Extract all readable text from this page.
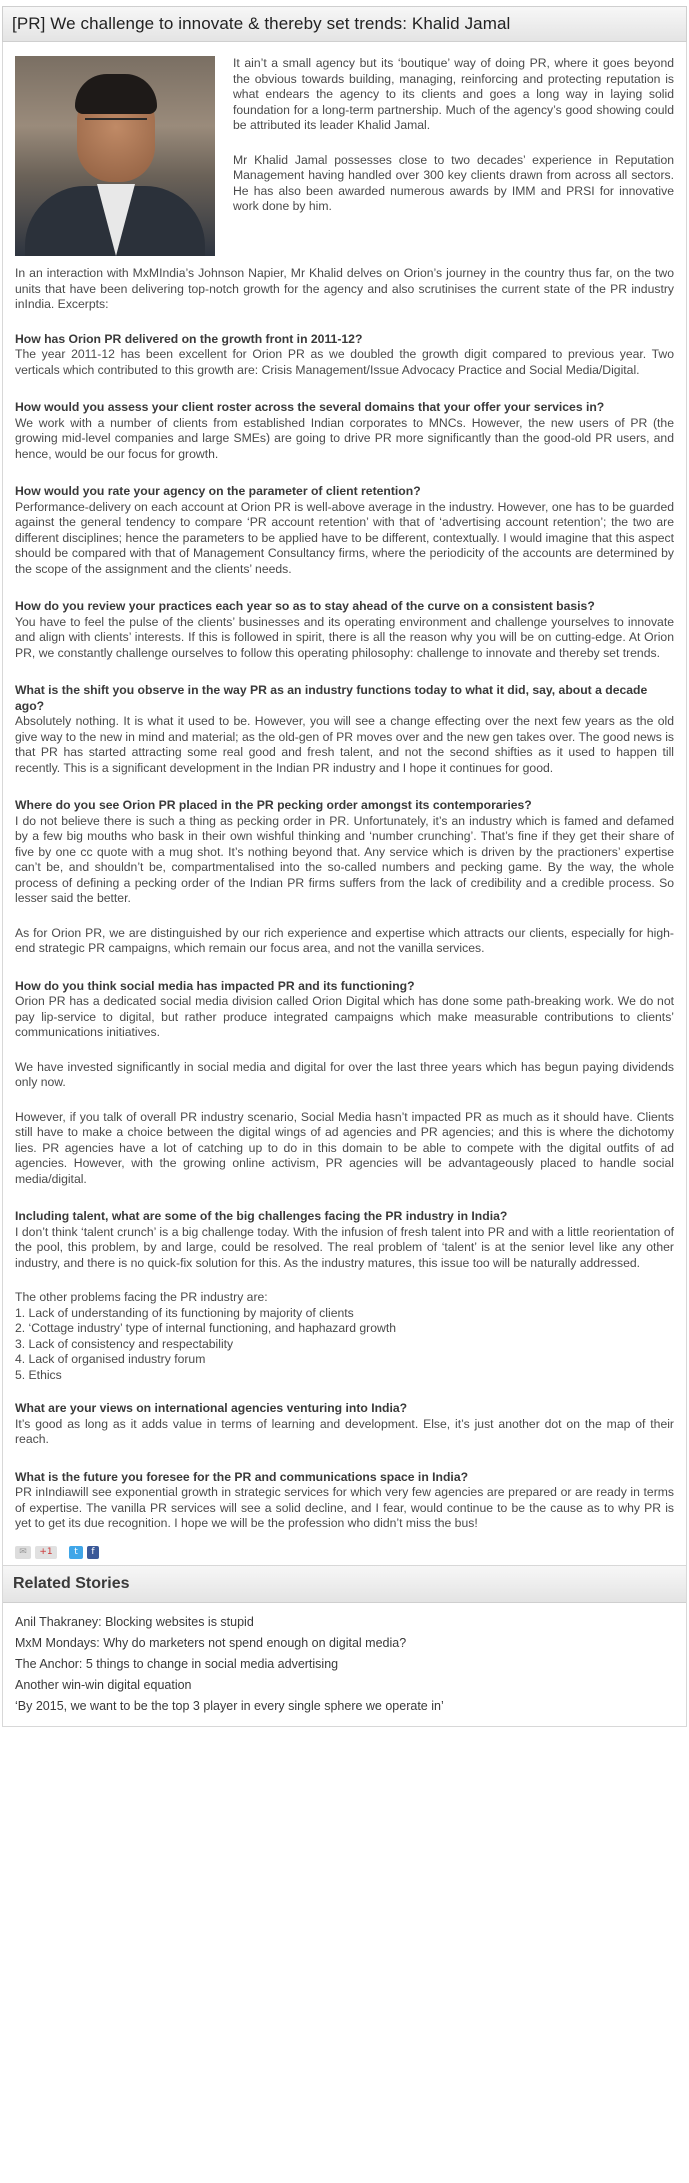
[PR] We challenge to innovate & thereby set trends: Khalid Jamal

It ain’t a small agency but its ‘boutique’ way of doing PR, where it goes beyond the obvious towards building, managing, reinforcing and protecting reputation is what endears the agency to its clients and goes a long way in laying solid foundation for a long-term partnership. Much of the agency’s good showing could be attributed its leader Khalid Jamal.

Mr Khalid Jamal possesses close to two decades’ experience in Reputation Management having handled over 300 key clients drawn from across all sectors. He has also been awarded numerous awards by IMM and PRSI for innovative work done by him.

In an interaction with MxMIndia’s Johnson Napier, Mr Khalid delves on Orion’s journey in the country thus far, on the two units that have been delivering top-notch growth for the agency and also scrutinises the current state of the PR industry inIndia. Excerpts:

How has Orion PR delivered on the growth front in 2011-12?

The year 2011-12 has been excellent for Orion PR as we doubled the growth digit compared to previous year. Two verticals which contributed to this growth are: Crisis Management/Issue Advocacy Practice and Social Media/Digital.

How would you assess your client roster across the several domains that your offer your services in?

We work with a number of clients from established Indian corporates to MNCs. However, the new users of PR (the growing mid-level companies and large SMEs) are going to drive PR more significantly than the good-old PR users, and hence, would be our focus for growth.

How would you rate your agency on the parameter of client retention?

Performance-delivery on each account at Orion PR is well-above average in the industry. However, one has to be guarded against the general tendency to compare ‘PR account retention’ with that of ‘advertising account retention’; the two are different disciplines; hence the parameters to be applied have to be different, contextually. I would imagine that this aspect should be compared with that of Management Consultancy firms, where the periodicity of the accounts are determined by the scope of the assignment and the clients’ needs.

How do you review your practices each year so as to stay ahead of the curve on a consistent basis?

You have to feel the pulse of the clients’ businesses and its operating environment and challenge yourselves to innovate and align with clients’ interests. If this is followed in spirit, there is all the reason why you will be on cutting-edge. At Orion PR, we constantly challenge ourselves to follow this operating philosophy: challenge to innovate and thereby set trends.

What is the shift you observe in the way PR as an industry functions today to what it did, say, about a decade ago?

Absolutely nothing. It is what it used to be. However, you will see a change effecting over the next few years as the old give way to the new in mind and material; as the old-gen of PR moves over and the new gen takes over. The good news is that PR has started attracting some real good and fresh talent, and not the second shifties as it used to happen till recently. This is a significant development in the Indian PR industry and I hope it continues for good.

Where do you see Orion PR placed in the PR pecking order amongst its contemporaries?

I do not believe there is such a thing as pecking order in PR. Unfortunately, it’s an industry which is famed and defamed by a few big mouths who bask in their own wishful thinking and ‘number crunching’. That’s fine if they get their share of five by one cc quote with a mug shot. It’s nothing beyond that. Any service which is driven by the practioners’ expertise can’t be, and shouldn’t be, compartmentalised into the so-called numbers and pecking game. By the way, the whole process of defining a pecking order of the Indian PR firms suffers from the lack of credibility and a credible process. So lesser said the better.

As for Orion PR, we are distinguished by our rich experience and expertise which attracts our clients, especially for high-end strategic PR campaigns, which remain our focus area, and not the vanilla services.

How do you think social media has impacted PR and its functioning?

Orion PR has a dedicated social media division called Orion Digital which has done some path-breaking work. We do not pay lip-service to digital, but rather produce integrated campaigns which make measurable contributions to clients’ communications initiatives.

We have invested significantly in social media and digital for over the last three years which has begun paying dividends only now.

However, if you talk of overall PR industry scenario, Social Media hasn’t impacted PR as much as it should have. Clients still have to make a choice between the digital wings of ad agencies and PR agencies; and this is where the dichotomy lies. PR agencies have a lot of catching up to do in this domain to be able to compete with the digital outfits of ad agencies. However, with the growing online activism, PR agencies will be advantageously placed to handle social media/digital.

Including talent, what are some of the big challenges facing the PR industry in India?

I don’t think ‘talent crunch’ is a big challenge today. With the infusion of fresh talent into PR and with a little reorientation of the pool, this problem, by and large, could be resolved. The real problem of ‘talent’ is at the senior level like any other industry, and there is no quick-fix solution for this. As the industry matures, this issue too will be naturally addressed.

The other problems facing the PR industry are:

1. Lack of understanding of its functioning by majority of clients
2. ‘Cottage industry’ type of internal functioning, and haphazard growth
3. Lack of consistency and respectability
4. Lack of organised industry forum
5. Ethics
What are your views on international agencies venturing into India?

It’s good as long as it adds value in terms of learning and development. Else, it’s just another dot on the map of their reach.

What is the future you foresee for the PR and communications space in India?

PR inIndiawill see exponential growth in strategic services for which very few agencies are prepared or are ready in terms of expertise. The vanilla PR services will see a solid decline, and I fear, would continue to be the cause as to why PR is yet to get its due recognition. I hope we will be the profession who didn’t miss the bus!

✉	+1	t	f
Related Stories
Anil Thakraney: Blocking websites is stupid
MxM Mondays: Why do marketers not spend enough on digital media?
The Anchor: 5 things to change in social media advertising
Another win-win digital equation
‘By 2015, we want to be the top 3 player in every single sphere we operate in’
